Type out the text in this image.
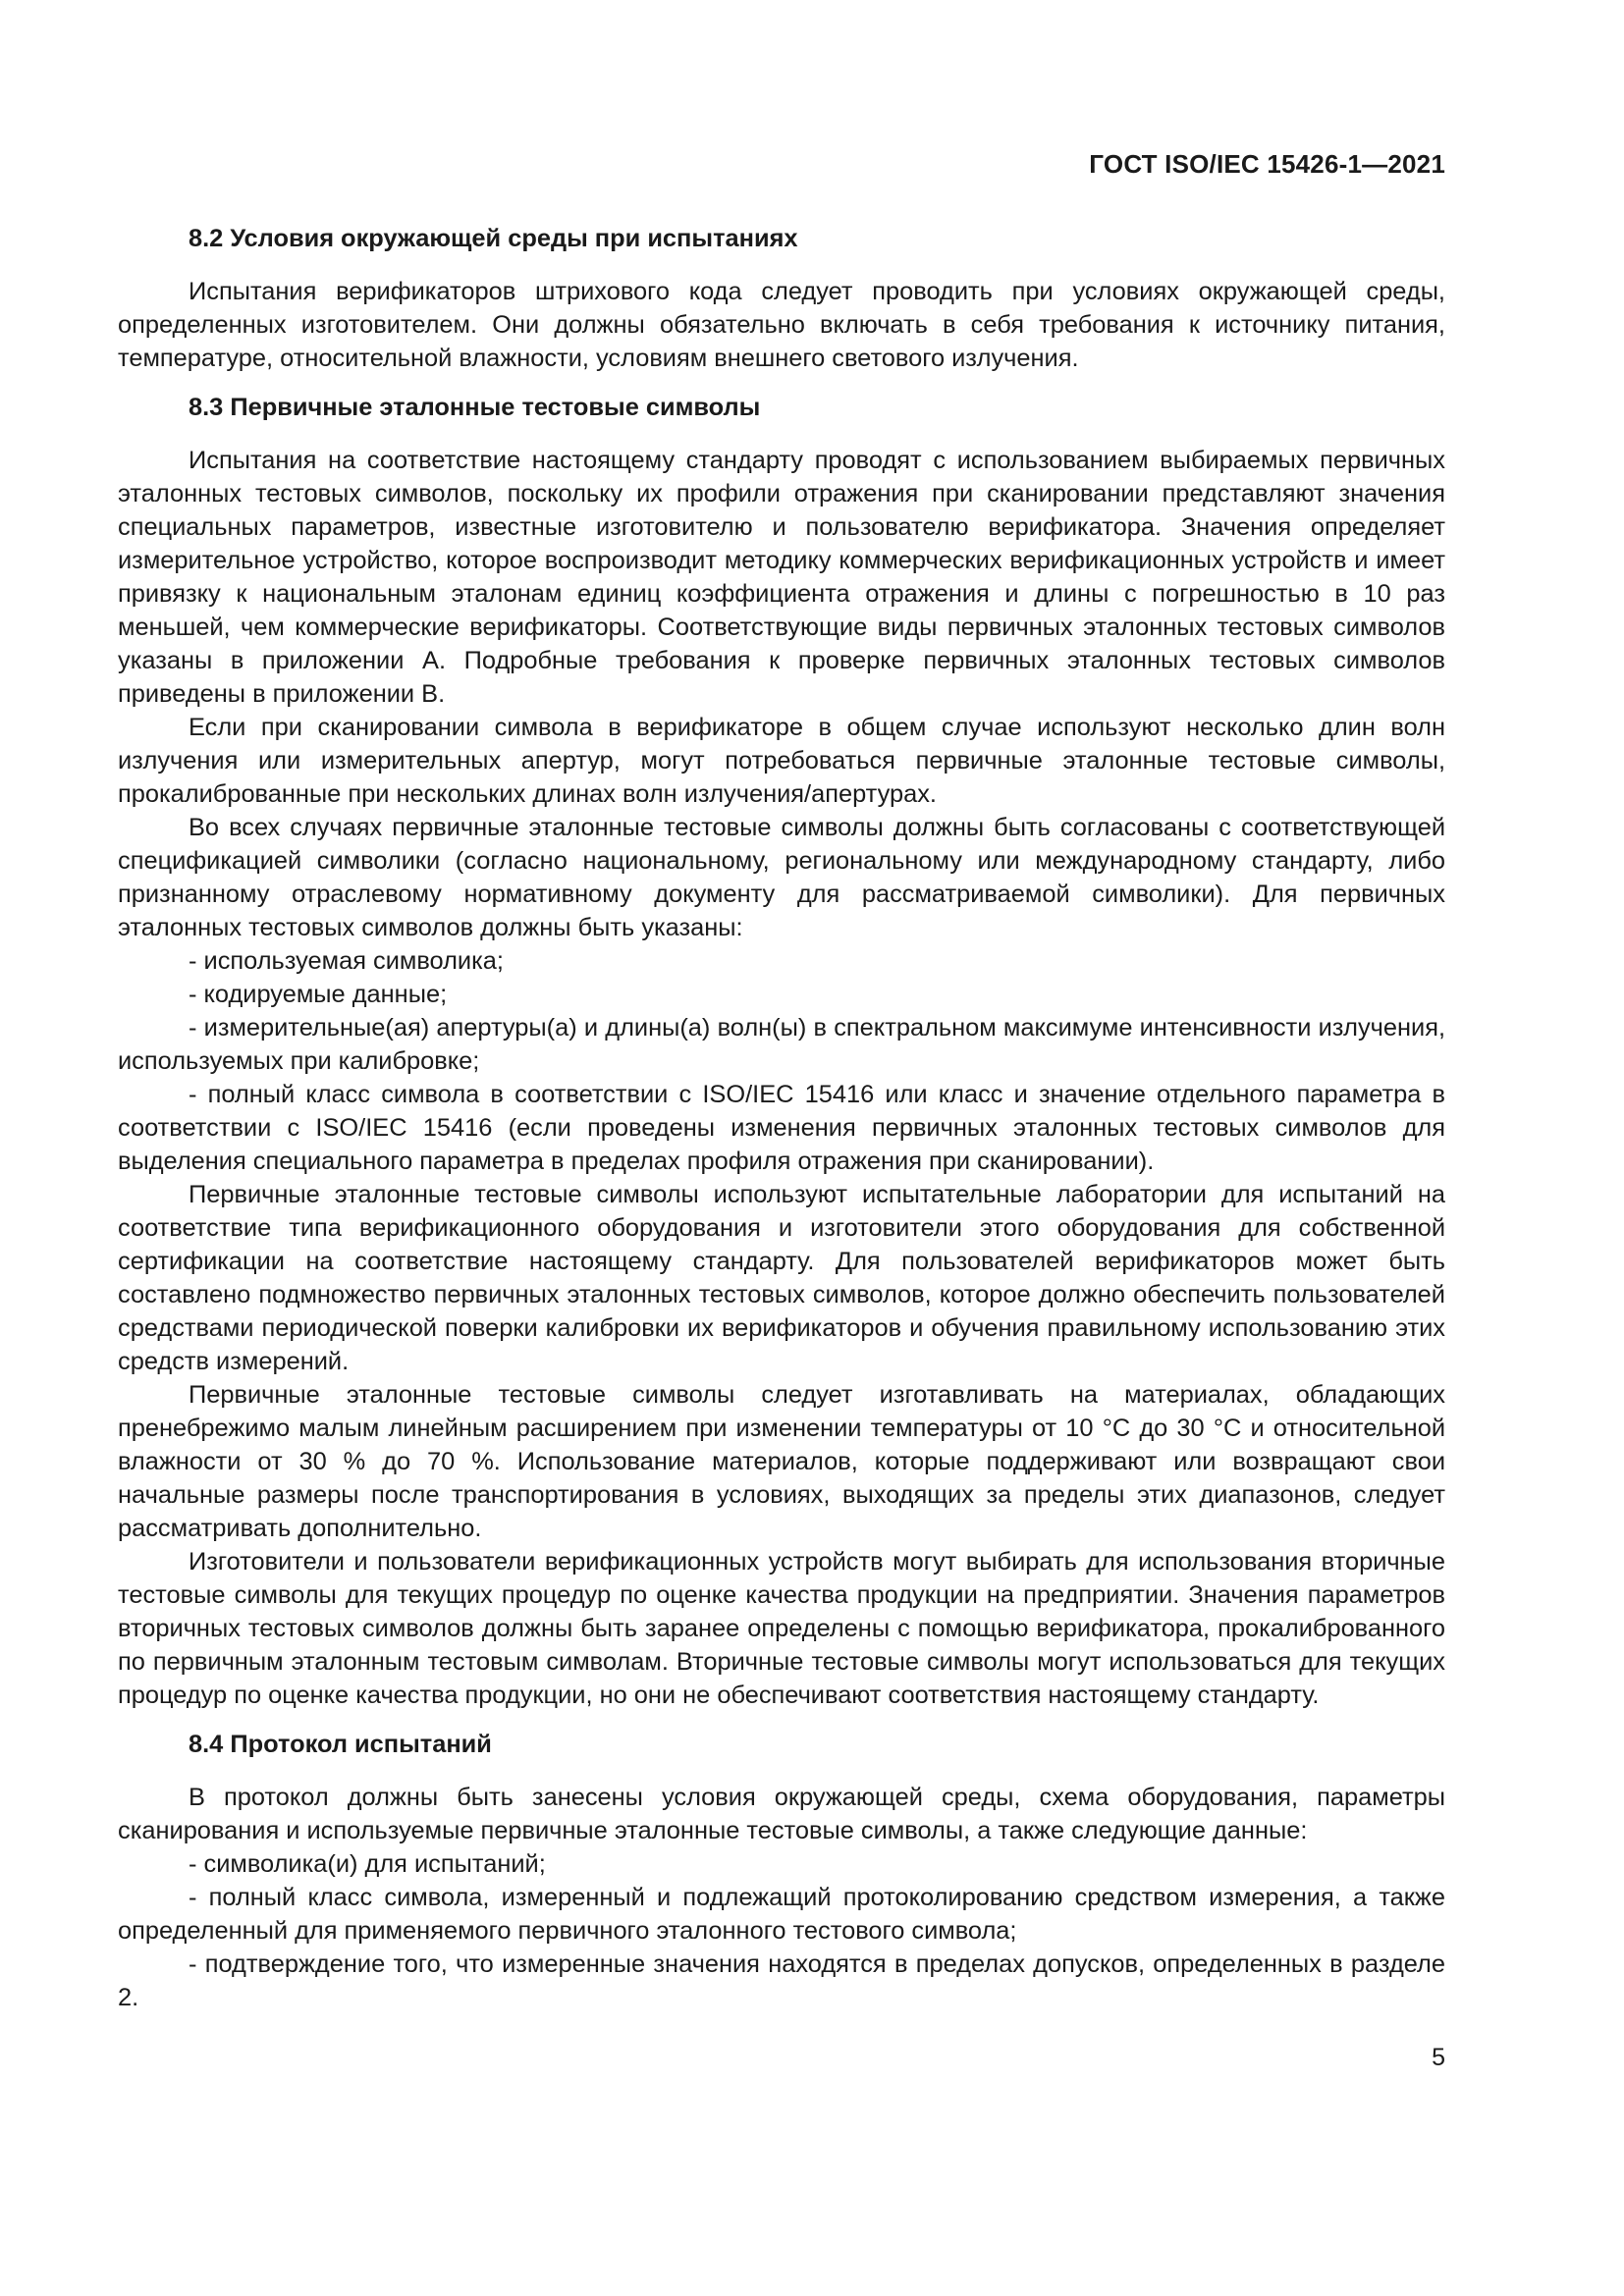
ГОСТ ISO/IEC 15426-1—2021

8.2 Условия окружающей среды при испытаниях

Испытания верификаторов штрихового кода следует проводить при условиях окружающей среды, определенных изготовителем. Они должны обязательно включать в себя требования к источнику питания, температуре, относительной влажности, условиям внешнего светового излучения.

8.3 Первичные эталонные тестовые символы

Испытания на соответствие настоящему стандарту проводят с использованием выбираемых первичных эталонных тестовых символов, поскольку их профили отражения при сканировании представляют значения специальных параметров, известные изготовителю и пользователю верификатора. Значения определяет измерительное устройство, которое воспроизводит методику коммерческих верификационных устройств и имеет привязку к национальным эталонам единиц коэффициента отражения и длины с погрешностью в 10 раз меньшей, чем коммерческие верификаторы. Соответствующие виды первичных эталонных тестовых символов указаны в приложении А. Подробные требования к проверке первичных эталонных тестовых символов приведены в приложении В.

Если при сканировании символа в верификаторе в общем случае используют несколько длин волн излучения или измерительных апертур, могут потребоваться первичные эталонные тестовые символы, прокалиброванные при нескольких длинах волн излучения/апертурах.

Во всех случаях первичные эталонные тестовые символы должны быть согласованы с соответствующей спецификацией символики (согласно национальному, региональному или международному стандарту, либо признанному отраслевому нормативному документу для рассматриваемой символики). Для первичных эталонных тестовых символов должны быть указаны:

- используемая символика;

- кодируемые данные;

- измерительные(ая) апертуры(а) и длины(а) волн(ы) в спектральном максимуме интенсивности излучения, используемых при калибровке;

- полный класс символа в соответствии с ISO/IEC 15416 или класс и значение отдельного параметра в соответствии с ISO/IEC 15416 (если проведены изменения первичных эталонных тестовых символов для выделения специального параметра в пределах профиля отражения при сканировании).

Первичные эталонные тестовые символы используют испытательные лаборатории для испытаний на соответствие типа верификационного оборудования и изготовители этого оборудования для собственной сертификации на соответствие настоящему стандарту. Для пользователей верификаторов может быть составлено подмножество первичных эталонных тестовых символов, которое должно обеспечить пользователей средствами периодической поверки калибровки их верификаторов и обучения правильному использованию этих средств измерений.

Первичные эталонные тестовые символы следует изготавливать на материалах, обладающих пренебрежимо малым линейным расширением при изменении температуры от 10 °С до 30 °С и относительной влажности от 30 % до 70 %. Использование материалов, которые поддерживают или возвращают свои начальные размеры после транспортирования в условиях, выходящих за пределы этих диапазонов, следует рассматривать дополнительно.

Изготовители и пользователи верификационных устройств могут выбирать для использования вторичные тестовые символы для текущих процедур по оценке качества продукции на предприятии. Значения параметров вторичных тестовых символов должны быть заранее определены с помощью верификатора, прокалиброванного по первичным эталонным тестовым символам. Вторичные тестовые символы могут использоваться для текущих процедур по оценке качества продукции, но они не обеспечивают соответствия настоящему стандарту.

8.4 Протокол испытаний

В протокол должны быть занесены условия окружающей среды, схема оборудования, параметры сканирования и используемые первичные эталонные тестовые символы, а также следующие данные:

- символика(и) для испытаний;

- полный класс символа, измеренный и подлежащий протоколированию средством измерения, а также определенный для применяемого первичного эталонного тестового символа;

- подтверждение того, что измеренные значения находятся в пределах допусков, определенных в разделе 2.

5
